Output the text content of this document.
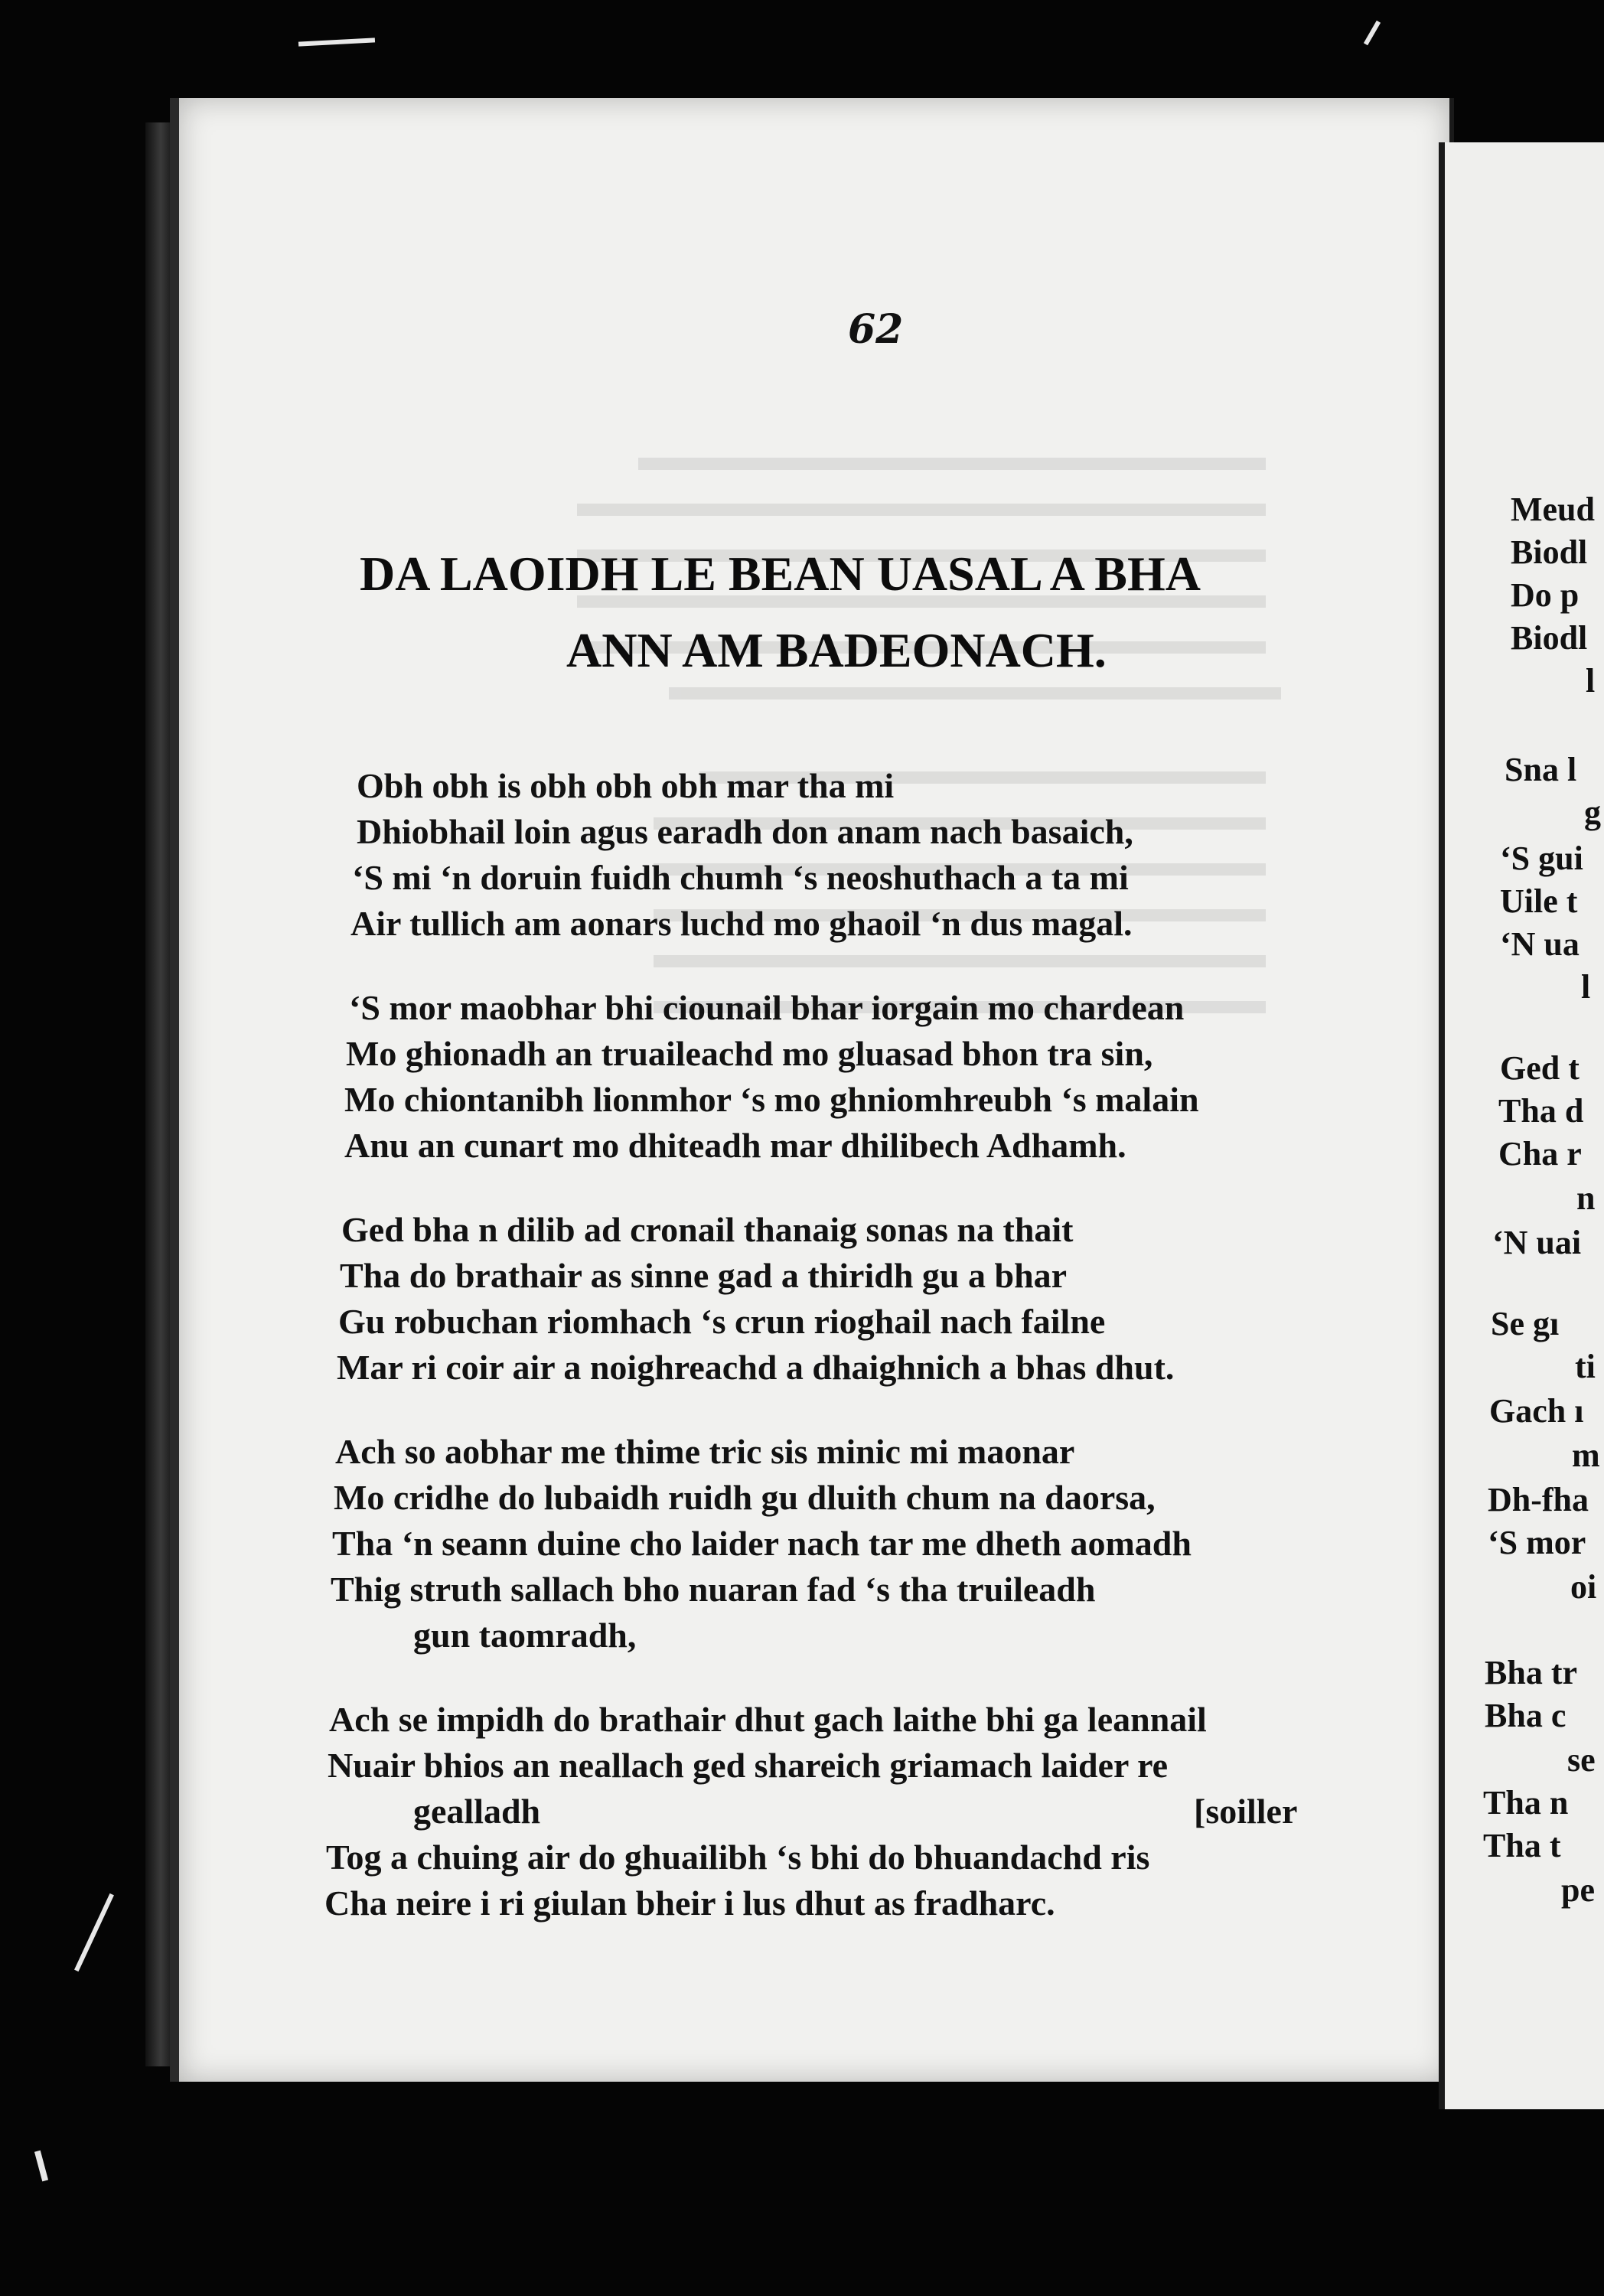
62
DA LAOIDH LE BEAN UASAL A BHA
ANN AM BADEONACH.
Obh obh is obh obh obh mar tha mi
Dhiobhail loin agus earadh don anam nach basaich,
‘S mi ‘n doruin fuidh chumh ‘s neoshuthach a ta mi
Air tullich am aonars luchd mo ghaoil ‘n dus magal.
‘S mor maobhar bhi ciounail bhar iorgain mo chardean
Mo ghionadh an truaileachd mo gluasad bhon tra sin,
Mo chiontanibh lionmhor ‘s mo ghniomhreubh ‘s malain
Anu an cunart mo dhiteadh mar dhilibech Adhamh.
Ged bha n dilib ad cronail thanaig sonas na thait
Tha do brathair as sinne gad a thiridh gu a bhar
Gu robuchan riomhach ‘s crun rioghail nach failne
Mar ri coir air a noighreachd a dhaighnich a bhas dhut.
Ach so aobhar me thime tric sis minic mi maonar
Mo cridhe do lubaidh ruidh gu dluith chum na daorsa,
Tha ‘n seann duine cho laider nach tar me dheth aomadh
Thig struth sallach bho nuaran fad ‘s tha truileadh
gun taomradh,
Ach se impidh do brathair dhut gach laithe bhi ga leannail
Nuair bhios an neallach ged shareich griamach laider re
gealladh	[soiller
Tog a chuing air do ghuailibh ‘s bhi do bhuandachd ris
Cha neire i ri giulan bheir i lus dhut as fradharc.
Meud
Biodl
Do p
Biodl
l
Sna l
g
‘S gui
Uile t
‘N ua
l
Ged t
Tha d
Cha r
n
‘N uai
Se gı
ti
Gach ı
m
Dh-fha
‘S mor
oi
Bha tr
Bha c
se
Tha n
Tha t
pe
